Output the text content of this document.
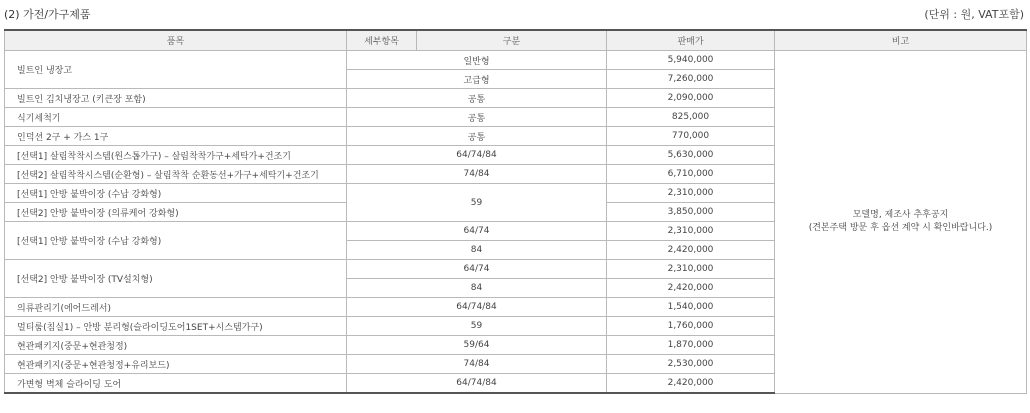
(2) 가전/가구제품	(단위 : 원, VAT포함)
품목	세부항목	구분	판매가	비고
빌트인 냉장고	일반형		5,940,000	모델명, 제조사 추후공지
(견본주택 방문 후 옵션 계약 시 확인바랍니다.)

	고급형		7,260,000	
빌트인 김치냉장고 (키큰장 포함)	공통		2,090,000	
식기세척기	공통		825,000	
인덕션 2구 + 가스 1구	공통		770,000	
[선택1] 살림착착시스템(원스톱가구) – 살림착착가구+세탁가+건조기	64/74/84		5,630,000	
[선택2] 살림착착시스템(순환형) – 살림착착 순환동선+가구+세탁기+건조기	74/84		6,710,000	
[선택1] 안방 붙박이장 (수납 강화형)	59		2,310,000	
[선택2] 안방 붙박이장 (의류케어 강화형)			3,850,000	
[선택1] 안방 붙박이장 (수납 강화형)	64/74		2,310,000	
	84		2,420,000	
[선택2] 안방 붙박이장 (TV설치형)	64/74		2,310,000	
	84		2,420,000	
의류관리기(에어드레서)	64/74/84		1,540,000	
멀티룸(침실1) – 안방 분리형(슬라이딩도어1SET+시스템가구)	59		1,760,000	
현관패키지(중문+현관청정)	59/64		1,870,000	
현관패키지(중문+현관청정+유리보드)	74/84		2,530,000	
가변형 벽체 슬라이딩 도어	64/74/84		2,420,000	
